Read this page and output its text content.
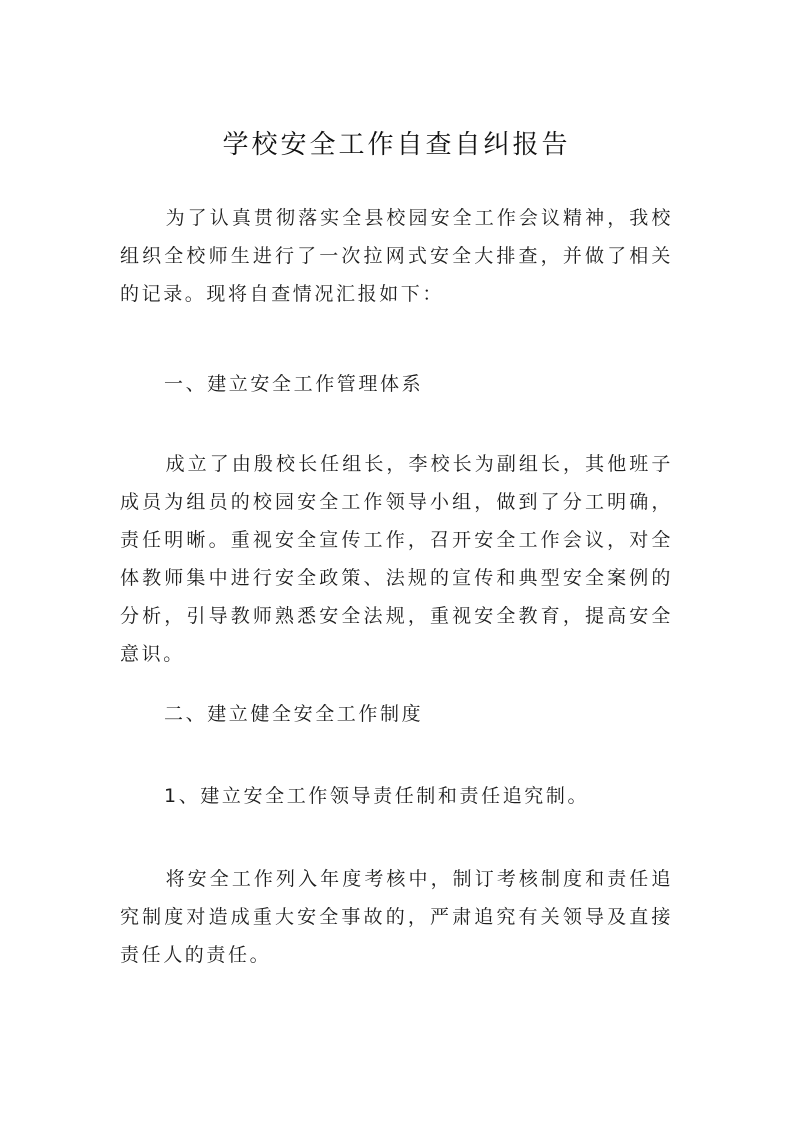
学校安全工作自查自纠报告

为了认真贯彻落实全县校园安全工作会议精神，我校组织全校师生进行了一次拉网式安全大排查，并做了相关的记录。现将自查情况汇报如下：

一、建立安全工作管理体系

成立了由殷校长任组长，李校长为副组长，其他班子成员为组员的校园安全工作领导小组，做到了分工明确，责任明晰。重视安全宣传工作，召开安全工作会议，对全体教师集中进行安全政策、法规的宣传和典型安全案例的分析，引导教师熟悉安全法规，重视安全教育，提高安全意识。

二、建立健全安全工作制度

1、建立安全工作领导责任制和责任追究制。

将安全工作列入年度考核中，制订考核制度和责任追究制度对造成重大安全事故的，严肃追究有关领导及直接责任人的责任。
